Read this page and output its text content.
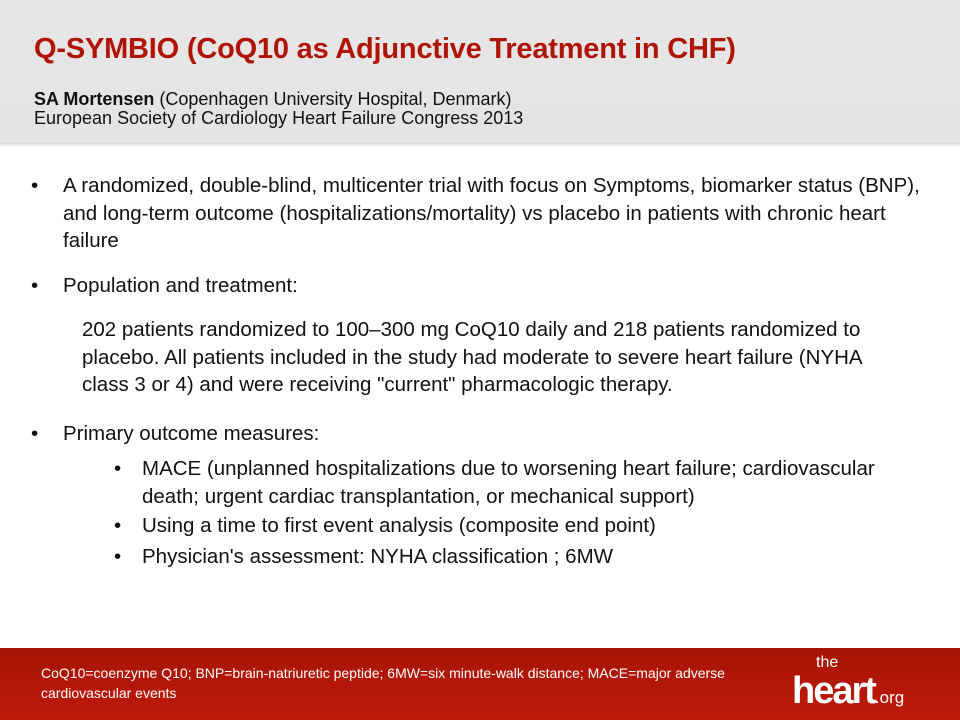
Q-SYMBIO (CoQ10 as Adjunctive Treatment in CHF)
SA Mortensen (Copenhagen University Hospital, Denmark)
European Society of Cardiology Heart Failure Congress 2013
• A randomized, double-blind, multicenter trial with focus on Symptoms, biomarker status (BNP), and long-term outcome (hospitalizations/mortality) vs placebo in patients with chronic heart failure
• Population and treatment:
202 patients randomized to 100–300 mg CoQ10 daily and 218 patients randomized to placebo. All patients included in the study had moderate to severe heart failure (NYHA class 3 or 4) and were receiving "current" pharmacologic therapy.
• Primary outcome measures:
• MACE (unplanned hospitalizations due to worsening heart failure; cardiovascular death; urgent cardiac transplantation, or mechanical support)
• Using a time to first event analysis (composite end point)
• Physician's assessment: NYHA classification ; 6MW
CoQ10=coenzyme Q10; BNP=brain-natriuretic peptide; 6MW=six minute-walk distance; MACE=major adverse cardiovascular events
the
heart.org
